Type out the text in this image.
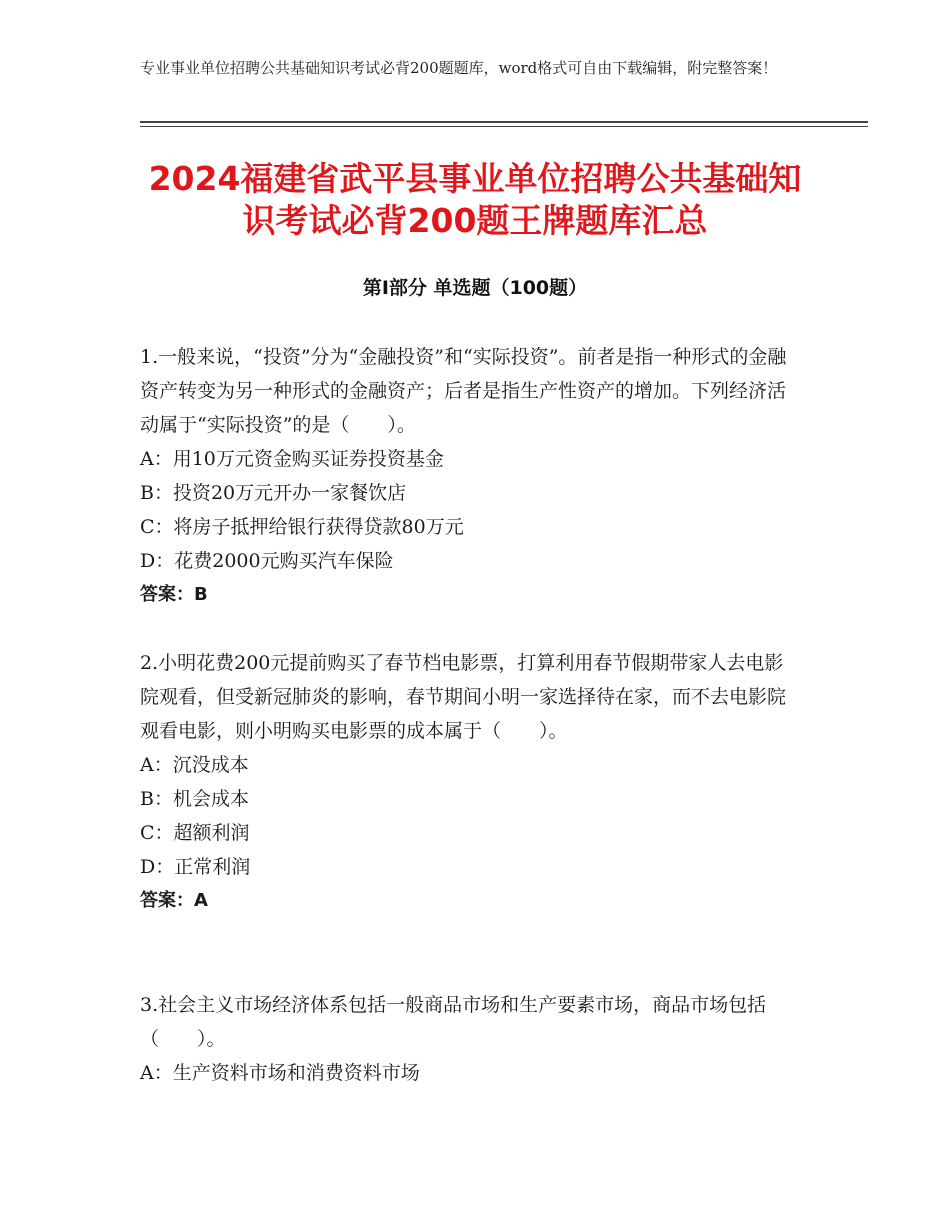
专业事业单位招聘公共基础知识考试必背200题题库，word格式可自由下载编辑，附完整答案！
2024福建省武平县事业单位招聘公共基础知识考试必背200题王牌题库汇总
第Ⅰ部分 单选题（100题）

1.一般来说，“投资”分为“金融投资”和“实际投资”。前者是指一种形式的金融资产转变为另一种形式的金融资产；后者是指生产性资产的增加。下列经济活动属于“实际投资”的是（　　）。

A：用10万元资金购买证券投资基金
B：投资20万元开办一家餐饮店
C：将房子抵押给银行获得贷款80万元
D：花费2000元购买汽车保险
答案：B

2.小明花费200元提前购买了春节档电影票，打算利用春节假期带家人去电影院观看，但受新冠肺炎的影响，春节期间小明一家选择待在家，而不去电影院观看电影，则小明购买电影票的成本属于（　　）。

A：沉没成本
B：机会成本
C：超额利润
D：正常利润
答案：A

3.社会主义市场经济体系包括一般商品市场和生产要素市场，商品市场包括（　　）。

A：生产资料市场和消费资料市场
